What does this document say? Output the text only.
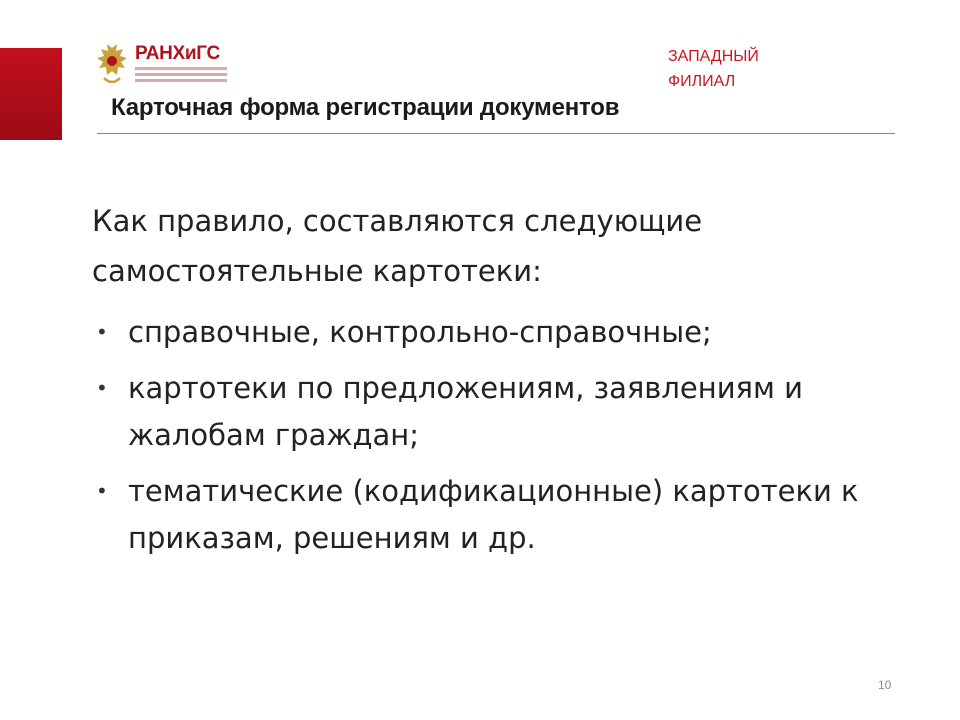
РАНХиГС	ЗАПАДНЫЙ
ФИЛИАЛ
Карточная форма регистрации документов
Как правило, составляются следующие самостоятельные картотеки:
• справочные, контрольно-справочные;
• картотеки по предложениям, заявлениям и жалобам граждан;
• тематические (кодификационные) картотеки к приказам, решениям и др.
10
